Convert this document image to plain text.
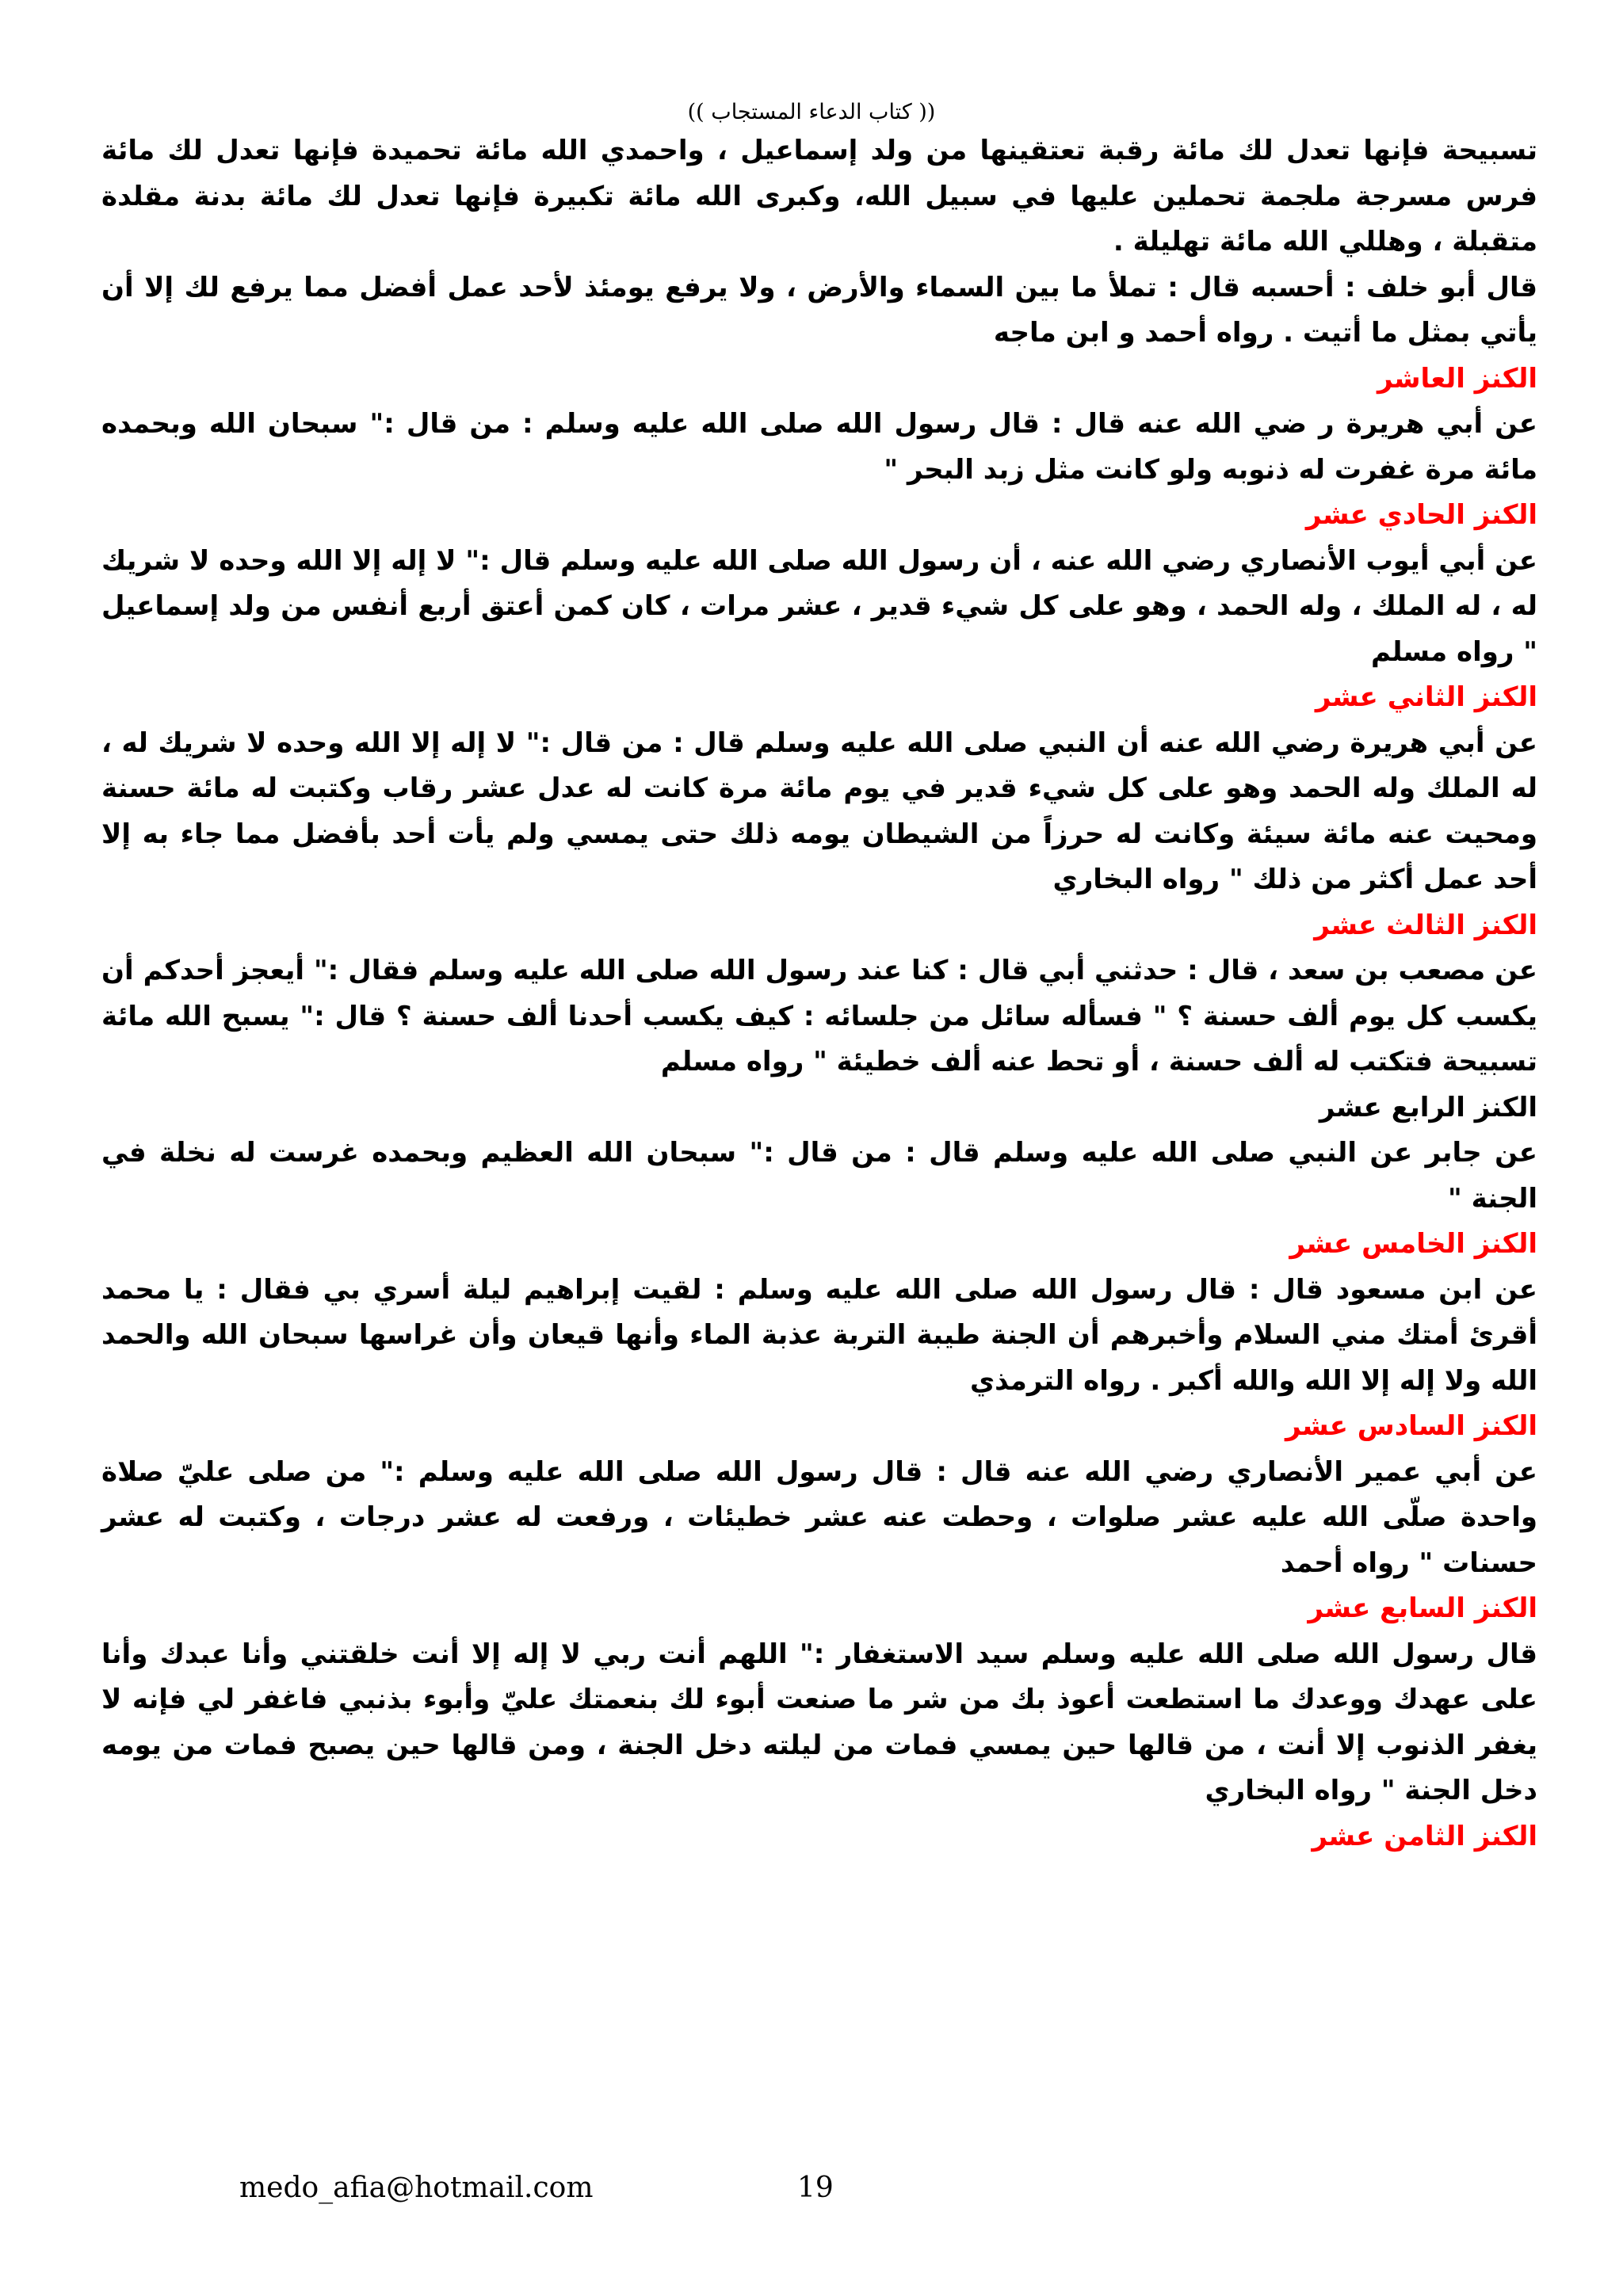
(( كتاب الدعاء المستجاب ))

تسبيحة فإنها تعدل لك مائة رقبة تعتقينها من ولد إسماعيل ، واحمدي الله مائة تحميدة فإنها تعدل لك مائة فرس مسرجة ملجمة تحملين عليها في سبيل الله، وكبرى الله مائة تكبيرة فإنها تعدل لك مائة بدنة مقلدة متقبلة ، وهللي الله مائة تهليلة .

قال أبو خلف : أحسبه قال : تملأ ما بين السماء والأرض ، ولا يرفع يومئذ لأحد عمل أفضل مما يرفع لك إلا أن يأتي بمثل ما أتيت . رواه أحمد و ابن ماجه

الكنز العاشر

عن أبي هريرة ر ضي الله عنه قال : قال رسول الله صلى الله عليه وسلم : من قال :" سبحان الله وبحمده مائة مرة غفرت له ذنوبه ولو كانت مثل زبد البحر "

الكنز الحادي عشر

عن أبي أيوب الأنصاري رضي الله عنه ، أن رسول الله صلى الله عليه وسلم قال :" لا إله إلا الله وحده لا شريك له ، له الملك ، وله الحمد ، وهو على كل شيء قدير ، عشر مرات ، كان كمن أعتق أربع أنفس من ولد إسماعيل " رواه مسلم

الكنز الثاني عشر

عن أبي هريرة رضي الله عنه أن النبي صلى الله عليه وسلم قال : من قال :" لا إله إلا الله وحده لا شريك له ، له الملك وله الحمد وهو على كل شيء قدير في يوم مائة مرة كانت له عدل عشر رقاب وكتبت له مائة حسنة ومحيت عنه مائة سيئة وكانت له حرزاً من الشيطان يومه ذلك حتى يمسي ولم يأت أحد بأفضل مما جاء به إلا أحد عمل أكثر من ذلك " رواه البخاري

الكنز الثالث عشر

عن مصعب بن سعد ، قال : حدثني أبي قال : كنا عند رسول الله صلى الله عليه وسلم فقال :" أيعجز أحدكم أن يكسب كل يوم ألف حسنة ؟ " فسأله سائل من جلسائه : كيف يكسب أحدنا ألف حسنة ؟ قال :" يسبح الله مائة تسبيحة فتكتب له ألف حسنة ، أو تحط عنه ألف خطيئة " رواه مسلم

الكنز الرابع عشر

عن جابر عن النبي صلى الله عليه وسلم قال : من قال :" سبحان الله العظيم وبحمده غرست له نخلة في الجنة "

الكنز الخامس عشر

عن ابن مسعود قال : قال رسول الله صلى الله عليه وسلم : لقيت إبراهيم ليلة أسري بي فقال : يا محمد أقرئ أمتك مني السلام وأخبرهم أن الجنة طيبة التربة عذبة الماء وأنها قيعان وأن غراسها سبحان الله والحمد الله ولا إله إلا الله والله أكبر . رواه الترمذي

الكنز السادس عشر

عن أبي عمير الأنصاري رضي الله عنه قال : قال رسول الله صلى الله عليه وسلم :" من صلى عليّ صلاة واحدة صلّى الله عليه عشر صلوات ، وحطت عنه عشر خطيئات ، ورفعت له عشر درجات ، وكتبت له عشر حسنات " رواه أحمد

الكنز السابع عشر

قال رسول الله صلى الله عليه وسلم سيد الاستغفار :" اللهم أنت ربي لا إله إلا أنت خلقتني وأنا عبدك وأنا على عهدك ووعدك ما استطعت أعوذ بك من شر ما صنعت أبوء لك بنعمتك عليّ وأبوء بذنبي فاغفر لي فإنه لا يغفر الذنوب إلا أنت ، من قالها حين يمسي فمات من ليلته دخل الجنة ، ومن قالها حين يصبح فمات من يومه دخل الجنة " رواه البخاري

الكنز الثامن عشر
medo_afia@hotmail.com	19
